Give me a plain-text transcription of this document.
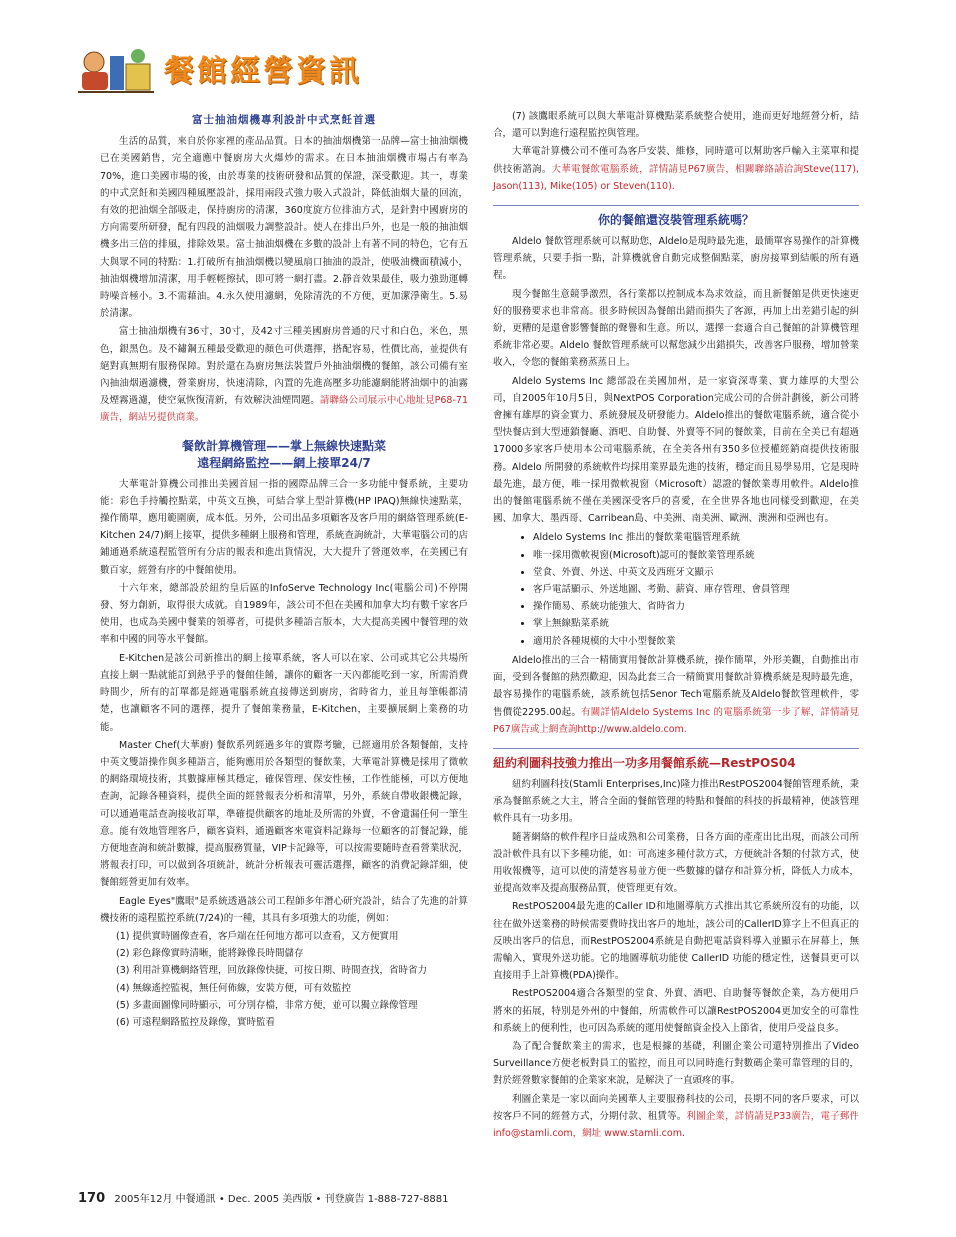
餐館經營資訊
富士抽油烟機專利設計中式烹飪首選

生活的品質，來自於你家裡的產品品質。日本的抽油烟機第一品牌—富士抽油烟機已在美國銷售，完全適應中餐廚房大火爆炒的需求。在日本抽油烟機市場占有率為70%，進口美國市場的後，由於專業的技術研發和品質的保證，深受歡迎。其一，專業的中式烹飪和美國四種風壓設計，採用兩段式強力吸入式設計，降低油烟大量的回流，有效的把油烟全部吸走，保持廚房的清潔，360度旋方位排油方式，是針對中國廚房的方向需要所研發，配有四段的油烟吸力調整設計。使人在排出戶外，也是一般的抽油烟機多出三倍的排風，排除效果。富士抽油烟機在多數的設計上有著不同的特色，它有五大與眾不同的特點：1.打破所有抽油烟機以變風扇口抽油的設計，使吸油機面積減小，抽油烟機增加清潔，用手輕輕擦拭，即可將一網打盡。2.靜音效果最佳，吸力強勁運轉時噪音極小。3.不需藉油。4.永久使用濾網，免除清洗的不方便，更加潔淨衛生。5.易於清潔。

富士抽油烟機有36寸，30寸，及42寸三種美國廚房普通的尺寸和白色，米色，黑色，銀黑色。及不鏽鋼五種最受歡迎的顏色可供選擇，搭配容易，性價比高，並提供有絕對真無期有服務保障。對於還在為廚房無法裝置戶外抽油烟機的餐館，該公司備有室內抽油烟過濾機，營業廚房，快速清除，內置的先進高壓多功能濾網能將油烟中的油霧及煙霧過濾，使空氣恢復清新，有效解決油煙問題。請聯絡公司展示中心地址見P68-71廣告，網站另提供商業。

餐飲計算機管理——掌上無線快速點菜
遠程網絡監控——網上接單24/7

大華電計算機公司推出美國首屈一指的國際品牌三合一多功能中餐系統，主要功能：彩色手持觸控點菜，中英文互換，可結合掌上型計算機(HP IPAQ)無線快速點菜，操作簡單，應用範圍廣，成本低。另外，公司出品多項顧客及客戶用的網絡管理系統(E-Kitchen 24/7)網上接單，提供多種網上服務和管理，系統查詢統計，大華電腦公司的店鋪通過系統遠程監管所有分店的報表和進出貨情況，大大提升了營運效率，在美國已有數百家，經營有序的中餐館使用。

十六年來，總部設於紐約皇后區的InfoServe Technology Inc(電腦公司)不停開發、努力創新，取得很大成就。自1989年，該公司不但在美國和加拿大均有數千家客戶使用，也成為美國中餐業的領導者，可提供多種語言版本，大大提高美國中餐管理的效率和中國的同等水平餐館。

E-Kitchen是該公司新推出的網上接單系統，客人可以在家、公司或其它公共場所直接上網一點就能訂到熱乎乎的餐館佳餚，讓你的顧客一天內都能吃到一家，所需消費時間少，所有的訂單都是經過電腦系統直接傳送到廚房，省時省力，並且每筆帳都清楚，也讓顧客不同的選擇，提升了餐館業務量，E-Kitchen，主要擴展網上業務的功能。

Master Chef(大華廚) 餐飲系列經過多年的實際考驗，已經適用於各類餐館，支持中英文雙語操作與多種語言，能夠應用於各類型的餐飲業，大華電計算機是採用了微軟的網絡環境技術，其數據庫極其穩定，確保管理、保安性極，工作性能極，可以方便地查詢，記錄各種資料，提供全面的經營報表分析和清單，另外，系統自帶收銀機記錄，可以通過電話查詢接收訂單，準確提供顧客的地址及所需的外賣，不會遺漏任何一筆生意。能有效地管理客戶，顧客資料，通過顧客來電資料記錄每一位顧客的訂餐記錄，能方便地查詢和統計數據，提高服務質量，VIP卡記錄等，可以按需要隨時查看營業狀況，將報表打印，可以做到各項統計，統計分析報表可靈活選擇，顧客的消費記錄詳細，使餐館經營更加有效率。

Eagle Eyes"鷹眼"是系統透過該公司工程師多年潛心研究設計，結合了先進的計算機技術的遠程監控系統(7/24)的一種，其具有多項強大的功能，例如：

(1) 提供實時圖像查看，客戶端在任何地方都可以查看，又方便實用
(2) 彩色錄像實時清晰，能將錄像長時間儲存
(3) 利用計算機網絡管理，回放錄像快捷，可按日期、時間查找，省時省力
(4) 無線遙控監視，無任何佈線，安裝方便，可有效監控
(5) 多畫面圖像同時顯示，可分別存檔，非常方便，並可以獨立錄像管理
(6) 可遠程網路監控及錄像，實時監看

(7) 該鷹眼系統可以與大華電計算機點菜系統整合使用，進而更好地經營分析，結合，還可以對進行遠程監控與管理。

大華電計算機公司不僅可為客戶安裝、維修，同時還可以幫助客戶輸入主菜單和提供技術諮詢。大華電餐飲電腦系統，詳情請見P67廣告，相關聯絡請洽詢Steve(117), Jason(113), Mike(105) or Steven(110).

你的餐館還沒裝管理系統嗎？

Aldelo 餐飲管理系統可以幫助您，Aldelo是現時最先進，最簡單容易操作的計算機管理系統，只要手指一點，計算機就會自動完成整個點菜，廚房接單到結帳的所有過程。

現今餐館生意競爭激烈，各行業都以控制成本為求效益，而且新餐館是供更快速更好的服務要求也非常高。很多時候因為餐館出錯而損失了客源，再加上出差錯引起的糾紛，更糟的是還會影響餐館的聲譽和生意。所以，選擇一套適合自己餐館的計算機管理系統非常必要。Aldelo 餐飲管理系統可以幫您減少出錯損失，改善客戶服務，增加營業收入，令您的餐館業務蒸蒸日上。

Aldelo Systems Inc 總部設在美國加州，是一家資深專業、實力雄厚的大型公司，自2005年10月5日，與NextPOS Corporation完成公司的合併計劃後，新公司將會擁有雄厚的資金實力、系統發展及研發能力。Aldelo推出的餐飲電腦系統，適合從小型快餐店到大型連鎖餐廳、酒吧、自助餐、外賣等不同的餐飲業，目前在全美已有超過17000多家客戶使用本公司電腦系統，在全美各州有350多位授權經銷商提供技術服務。Aldelo 所開發的系統軟件均採用業界最先進的技術，穩定而且易學易用，它是現時最先進，最方便，唯一採用微軟視窗（Microsoft）認證的餐飲業專用軟件。Aldelo推出的餐館電腦系統不僅在美國深受客戶的喜愛，在全世界各地也同樣受到歡迎，在美國、加拿大、墨西哥、Carribean島、中美洲、南美洲、歐洲、澳洲和亞洲也有。

• Aldelo Systems Inc 推出的餐飲業電腦管理系統
• 唯一採用微軟視窗(Microsoft)認可的餐飲業管理系統
• 堂食、外賣、外送、中英文及西班牙文顯示
• 客戶電話顯示、外送地圖、考勤、薪資、庫存管理、會員管理
• 操作簡易、系統功能強大、省時省力
• 掌上無線點菜系統
• 適用於各種規模的大中小型餐飲業

Aldelo推出的三合一精簡實用餐飲計算機系統，操作簡單，外形美觀，自動推出市面，受到各餐館的熱烈歡迎，因為此套三合一精簡實用餐飲計算機系統是現時最先進，最容易操作的電腦系統，該系統包括Senor Tech電腦系統及Aldelo餐飲管理軟件，零售價從2295.00起。有關詳情Aldelo Systems Inc 的電腦系統第一步了解，詳情請見P67廣告或上網查詢http://www.aldelo.com.

紐約利圖科技強力推出一功多用餐館系統—RestPOS04

紐約利圖科技(Stamli Enterprises,Inc)隆力推出RestPOS2004餐館管理系統，秉承為餐館系統之大主，將合全面的餐館管理的特點和餐館的科技的拆最精神，使該管理軟件具有一功多用。

隨著網絡的軟件程序日益成熟和公司業務，日各方面的產產出比出現，而該公司所設計軟件具有以下多種功能，如：可高速多種付款方式，方便統計各類的付款方式，使用收報機等，這可以使的清楚容易並方便一些數據的儲存和計算分析，降低人力成本，並提高效率及提高服務品質，使管理更有效。

RestPOS2004最先進的Caller ID和地圖導航方式推出其它系統所沒有的功能，以往在做外送業務的時候需要費時找出客戶的地址，該公司的CallerID算字上不但真正的反映出客戶的信息，而RestPOS2004系統是自動把電話資料導入並顯示在屏幕上，無需輸入，實現外送功能。它的地圖導航功能使 CallerID 功能的穩定性，送餐員更可以直接用手上計算機(PDA)操作。

RestPOS2004適合各類型的堂食、外賣、酒吧、自助餐等餐飲企業，為方便用戶將來的拓展，特別是外州的中餐館，所需軟件可以讓RestPOS2004更加安全的可靠性和系統上的便利性，也可因為系統的運用使餐館資金投入上節省，使用戶受益良多。

為了配合餐飲業主的需求，也是根據的基礎，利圖企業公司還特別推出了Video Surveillance方便老板對員工的監控，而且可以同時進行對數碼企業可靠管理的目的，對於經營數家餐館的企業家來說，是解決了一直頭疼的事。

利圖企業是一家以面向美國華人主要服務科技的公司，長期不同的客戶要求，可以按客戶不同的經營方式，分期付款、租賃等。利圖企業，詳情請見P33廣告，電子郵件 info@stamli.com，網址 www.stamli.com.

170 2005年12月 中餐通訊 • Dec. 2005 美西版 • 刊登廣告 1-888-727-8881
